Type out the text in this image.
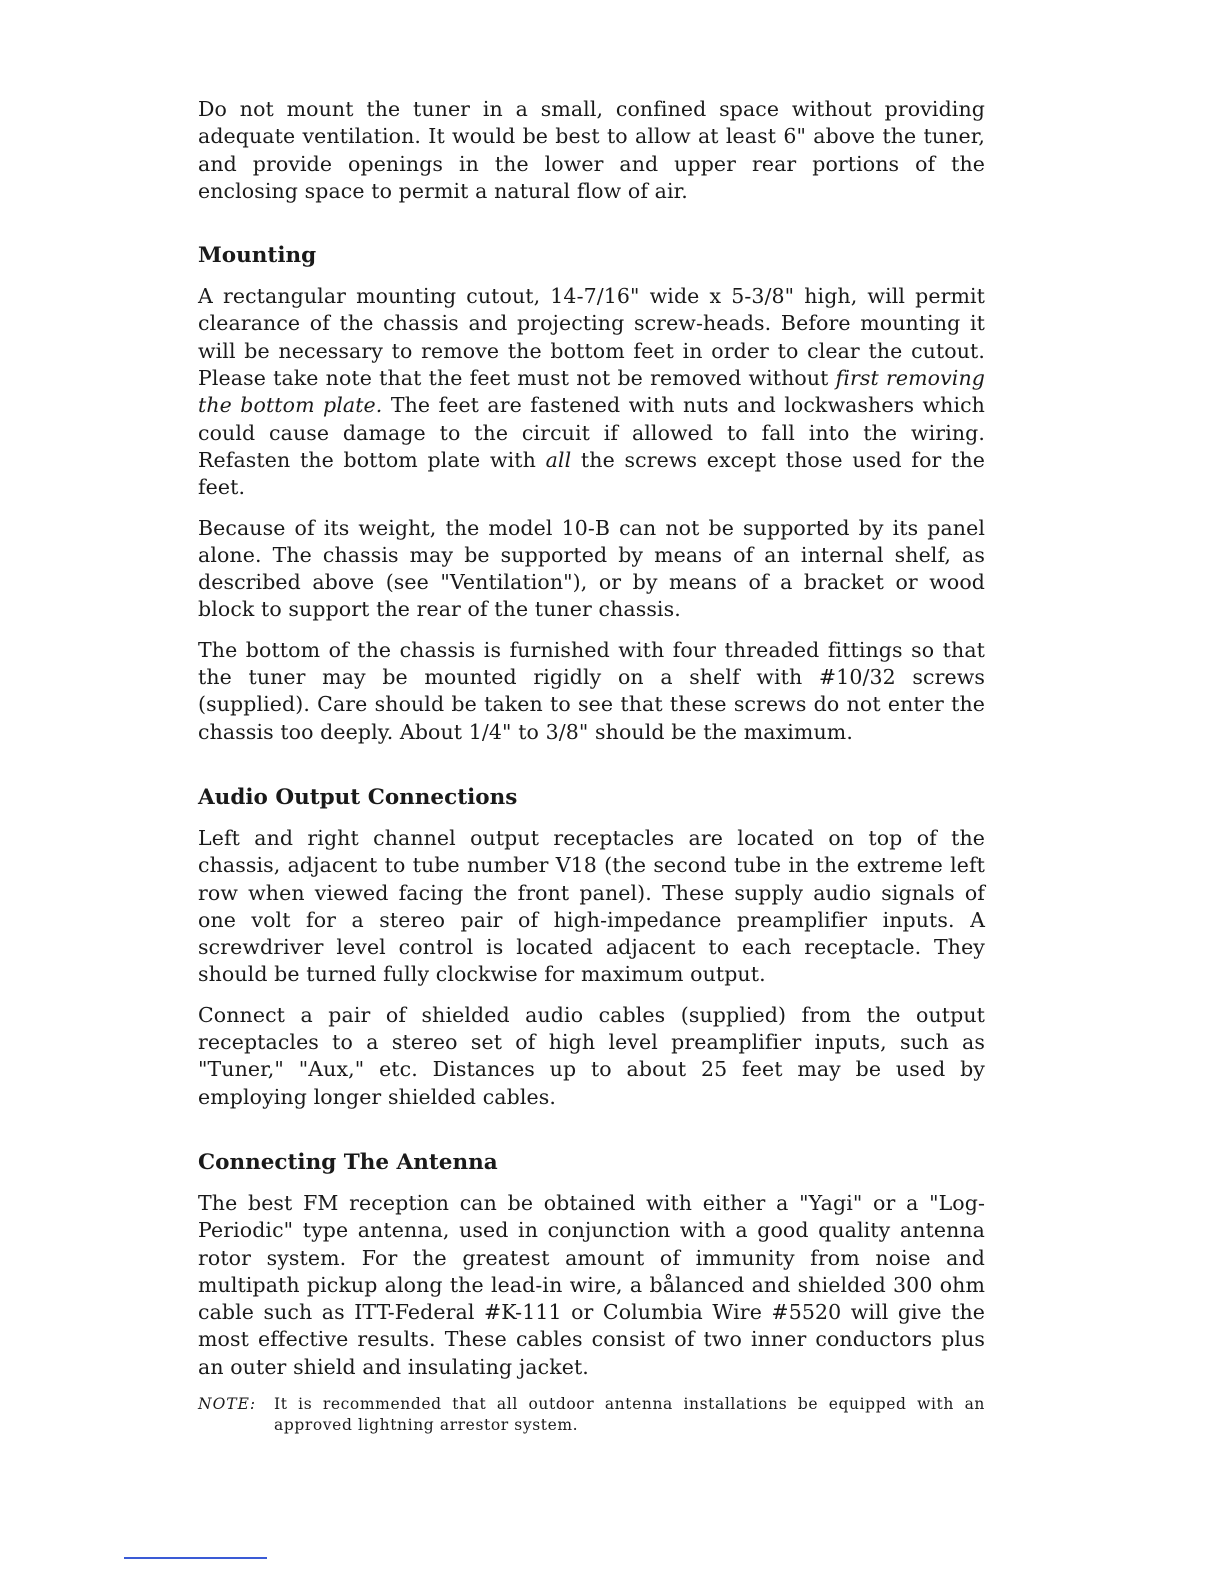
Do not mount the tuner in a small, confined space without providing adequate ventilation. It would be best to allow at least 6" above the tuner, and provide openings in the lower and upper rear portions of the enclosing space to permit a natural flow of air.

Mounting

A rectangular mounting cutout, 14-7/16" wide x 5-3/8" high, will permit clearance of the chassis and projecting screw-heads. Before mounting it will be necessary to remove the bottom feet in order to clear the cutout. Please take note that the feet must not be removed without first removing the bottom plate. The feet are fastened with nuts and lockwashers which could cause damage to the circuit if allowed to fall into the wiring. Refasten the bottom plate with all the screws except those used for the feet.

Because of its weight, the model 10-B can not be supported by its panel alone. The chassis may be supported by means of an internal shelf, as described above (see "Ventilation"), or by means of a bracket or wood block to support the rear of the tuner chassis.

The bottom of the chassis is furnished with four threaded fittings so that the tuner may be mounted rigidly on a shelf with #10/32 screws (supplied). Care should be taken to see that these screws do not enter the chassis too deeply. About 1/4" to 3/8" should be the maximum.

Audio Output Connections

Left and right channel output receptacles are located on top of the chassis, adjacent to tube number V18 (the second tube in the extreme left row when viewed facing the front panel). These supply audio signals of one volt for a stereo pair of high-impedance preamplifier inputs. A screwdriver level control is located adjacent to each receptacle. They should be turned fully clockwise for maximum output.

Connect a pair of shielded audio cables (supplied) from the output receptacles to a stereo set of high level preamplifier inputs, such as "Tuner," "Aux," etc. Distances up to about 25 feet may be used by employing longer shielded cables.

Connecting The Antenna

The best FM reception can be obtained with either a "Yagi" or a "Log-Periodic" type antenna, used in conjunction with a good quality antenna rotor system. For the greatest amount of immunity from noise and multipath pickup along the lead-in wire, a bålanced and shielded 300 ohm cable such as ITT-Federal #K-111 or Columbia Wire #5520 will give the most effective results. These cables consist of two inner conductors plus an outer shield and insulating jacket.

NOTE:	It is recommended that all outdoor antenna installations be equipped with an approved lightning arrestor system.
